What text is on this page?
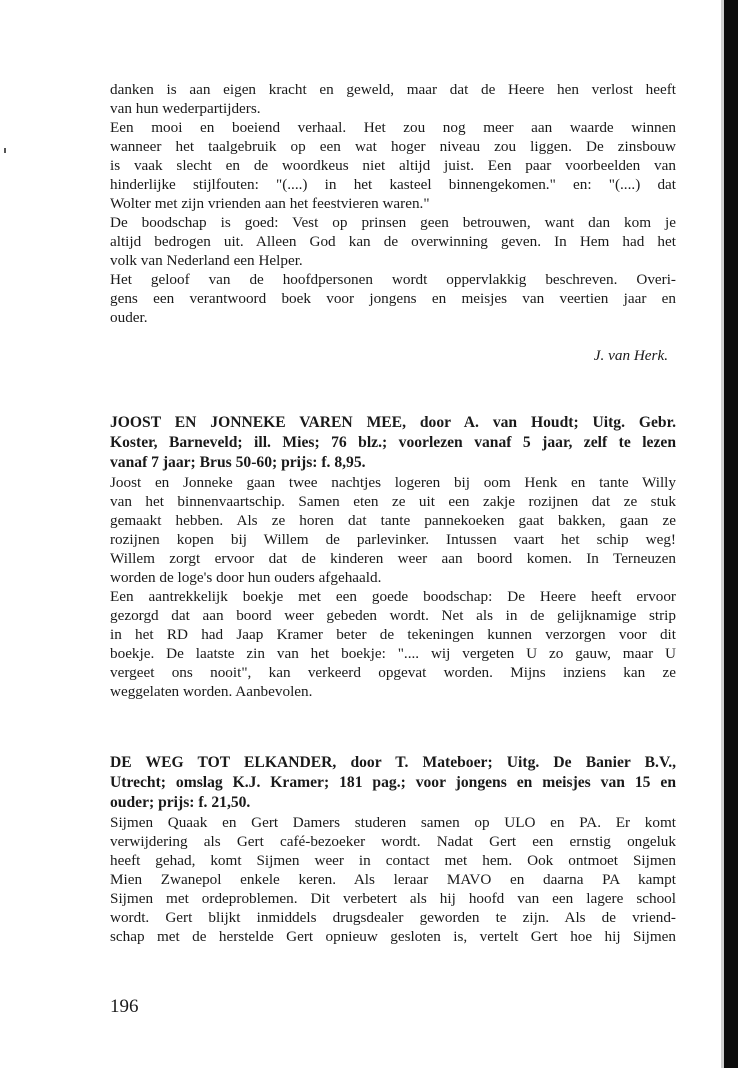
danken is aan eigen kracht en geweld, maar dat de Heere hen verlost heeft
van hun wederpartijders.
Een mooi en boeiend verhaal. Het zou nog meer aan waarde winnen
wanneer het taalgebruik op een wat hoger niveau zou liggen. De zinsbouw
is vaak slecht en de woordkeus niet altijd juist. Een paar voorbeelden van
hinderlijke stijlfouten: "(....) in het kasteel binnengekomen." en: "(....) dat
Wolter met zijn vrienden aan het feestvieren waren."
De boodschap is goed: Vest op prinsen geen betrouwen, want dan kom je
altijd bedrogen uit. Alleen God kan de overwinning geven. In Hem had het
volk van Nederland een Helper.
Het geloof van de hoofdpersonen wordt oppervlakkig beschreven. Overi-
gens een verantwoord boek voor jongens en meisjes van veertien jaar en
ouder.
J. van Herk.
JOOST EN JONNEKE VAREN MEE, door A. van Houdt; Uitg. Gebr.
Koster, Barneveld; ill. Mies; 76 blz.; voorlezen vanaf 5 jaar, zelf te lezen
vanaf 7 jaar; Brus 50-60; prijs: f. 8,95.
Joost en Jonneke gaan twee nachtjes logeren bij oom Henk en tante Willy
van het binnenvaartschip. Samen eten ze uit een zakje rozijnen dat ze stuk
gemaakt hebben. Als ze horen dat tante pannekoeken gaat bakken, gaan ze
rozijnen kopen bij Willem de parlevinker. Intussen vaart het schip weg!
Willem zorgt ervoor dat de kinderen weer aan boord komen. In Terneuzen
worden de loge's door hun ouders afgehaald.
Een aantrekkelijk boekje met een goede boodschap: De Heere heeft ervoor
gezorgd dat aan boord weer gebeden wordt. Net als in de gelijknamige strip
in het RD had Jaap Kramer beter de tekeningen kunnen verzorgen voor dit
boekje. De laatste zin van het boekje: ".... wij vergeten U zo gauw, maar U
vergeet ons nooit", kan verkeerd opgevat worden. Mijns inziens kan ze
weggelaten worden. Aanbevolen.
DE WEG TOT ELKANDER, door T. Mateboer; Uitg. De Banier B.V.,
Utrecht; omslag K.J. Kramer; 181 pag.; voor jongens en meisjes van 15 en
ouder; prijs: f. 21,50.
Sijmen Quaak en Gert Damers studeren samen op ULO en PA. Er komt
verwijdering als Gert café-bezoeker wordt. Nadat Gert een ernstig ongeluk
heeft gehad, komt Sijmen weer in contact met hem. Ook ontmoet Sijmen
Mien Zwanepol enkele keren. Als leraar MAVO en daarna PA kampt
Sijmen met ordeproblemen. Dit verbetert als hij hoofd van een lagere school
wordt. Gert blijkt inmiddels drugsdealer geworden te zijn. Als de vriend-
schap met de herstelde Gert opnieuw gesloten is, vertelt Gert hoe hij Sijmen
196
